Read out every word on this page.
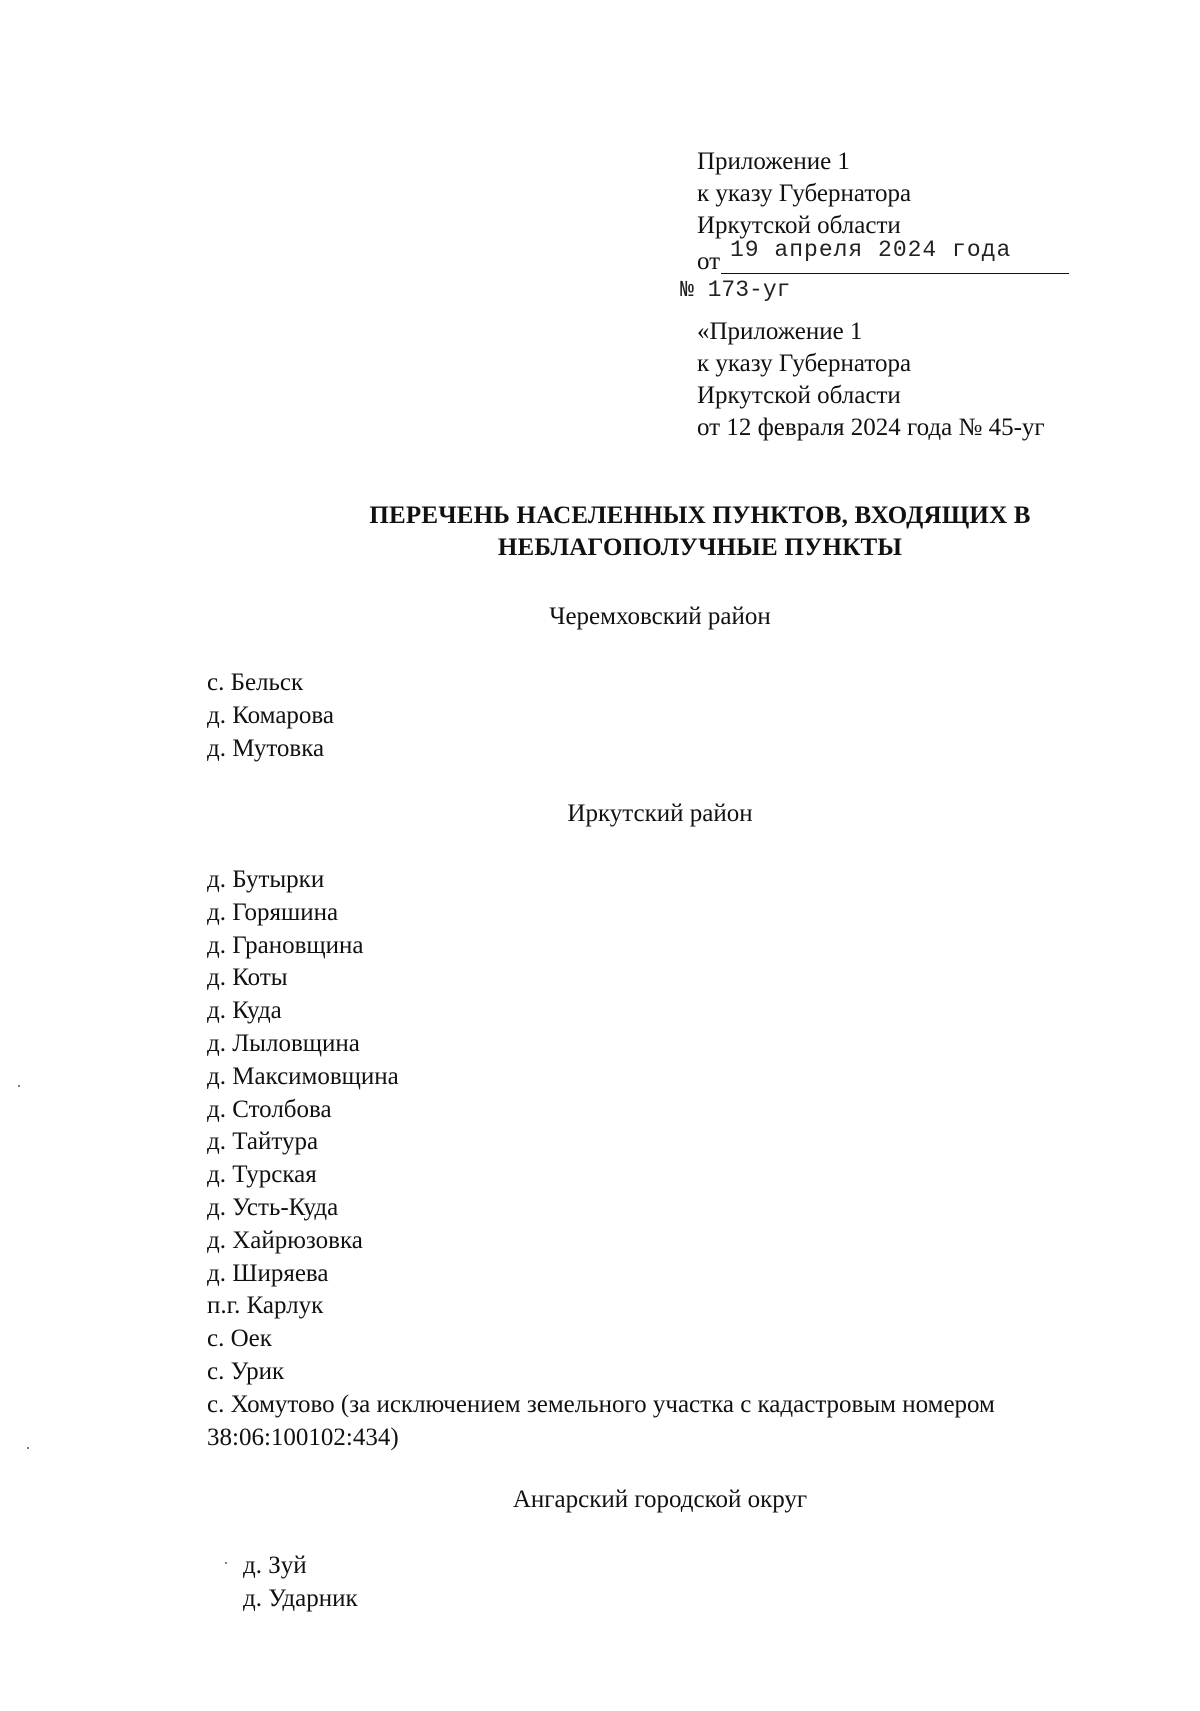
Приложение 1
к указу Губернатора
Иркутской области
от 19 апреля 2024 года
№ 173-уг
«Приложение 1
к указу Губернатора
Иркутской области
от 12 февраля 2024 года № 45-уг
ПЕРЕЧЕНЬ НАСЕЛЕННЫХ ПУНКТОВ, ВХОДЯЩИХ В
НЕБЛАГОПОЛУЧНЫЕ ПУНКТЫ
Черемховский район
с. Бельск
д. Комарова
д. Мутовка
Иркутский район
д. Бутырки
д. Горяшина
д. Грановщина
д. Коты
д. Куда
д. Лыловщина
д. Максимовщина
д. Столбова
д. Тайтура
д. Турская
д. Усть-Куда
д. Хайрюзовка
д. Ширяева
п.г. Карлук
с. Оек
с. Урик
с. Хомутово (за исключением земельного участка с кадастровым номером 38:06:100102:434)
Ангарский городской округ
д. Зуй
д. Ударник
